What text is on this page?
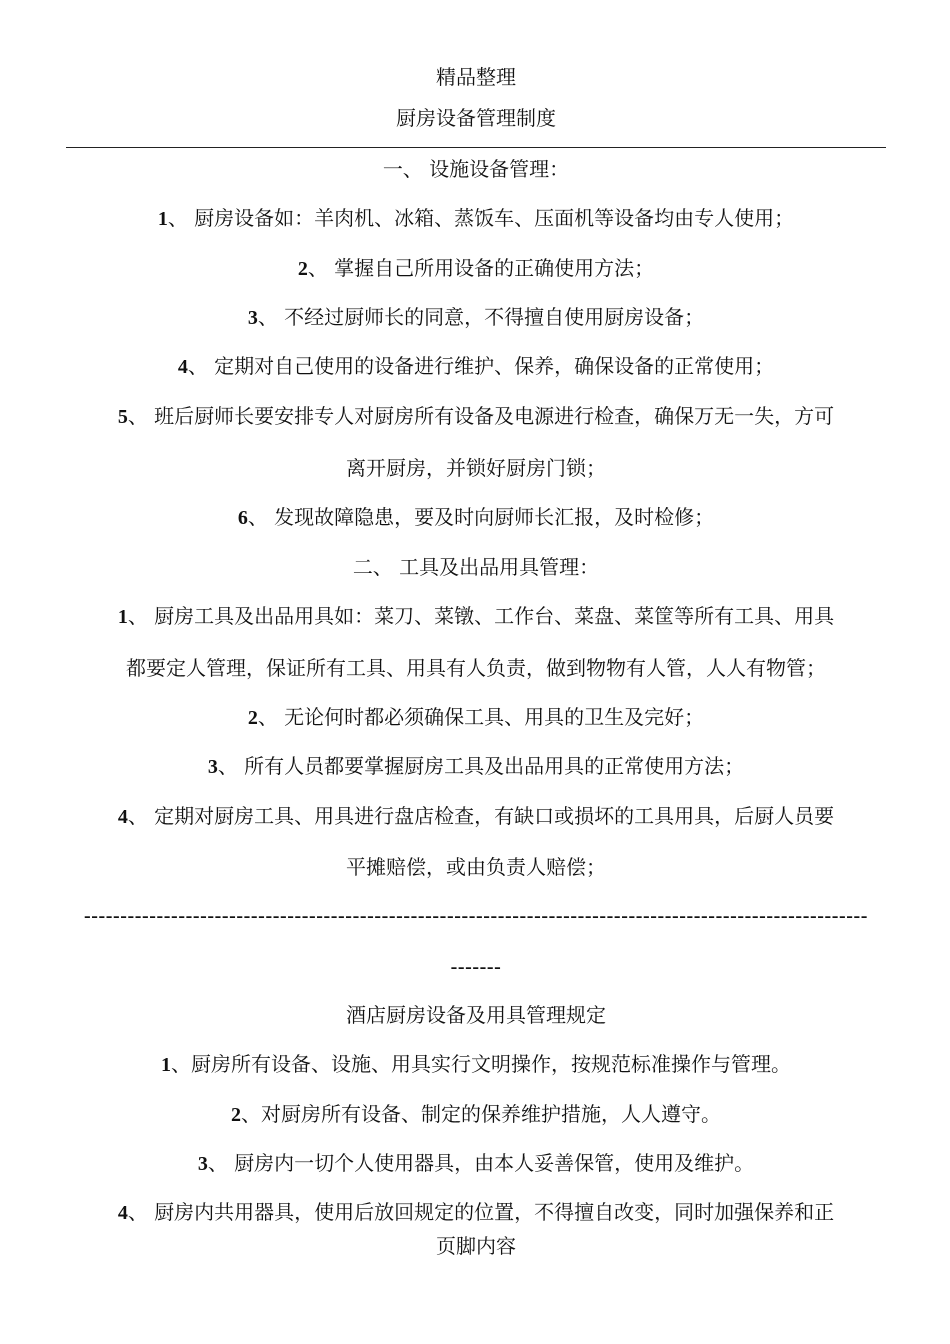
精品整理
厨房设备管理制度
一、 设施设备管理：
1、 厨房设备如：羊肉机、冰箱、蒸饭车、压面机等设备均由专人使用；
2、 掌握自己所用设备的正确使用方法；
3、 不经过厨师长的同意，不得擅自使用厨房设备；
4、 定期对自己使用的设备进行维护、保养，确保设备的正常使用；
5、 班后厨师长要安排专人对厨房所有设备及电源进行检查，确保万无一失，方可
离开厨房，并锁好厨房门锁；
6、 发现故障隐患，要及时向厨师长汇报，及时检修；
二、 工具及出品用具管理：
1、 厨房工具及出品用具如：菜刀、菜镦、工作台、菜盘、菜筐等所有工具、用具
都要定人管理，保证所有工具、用具有人负责，做到物物有人管，人人有物管；
2、 无论何时都必须确保工具、用具的卫生及完好；
3、 所有人员都要掌握厨房工具及出品用具的正常使用方法；
4、 定期对厨房工具、用具进行盘店检查，有缺口或损坏的工具用具，后厨人员要
平摊赔偿，或由负责人赔偿；
------------------------------------------------------------------------------------------------------------
-------
酒店厨房设备及用具管理规定
1、厨房所有设备、设施、用具实行文明操作，按规范标准操作与管理。
2、对厨房所有设备、制定的保养维护措施，人人遵守。
3、 厨房内一切个人使用器具，由本人妥善保管，使用及维护。
4、 厨房内共用器具，使用后放回规定的位置，不得擅自改变，同时加强保养和正
页脚内容
